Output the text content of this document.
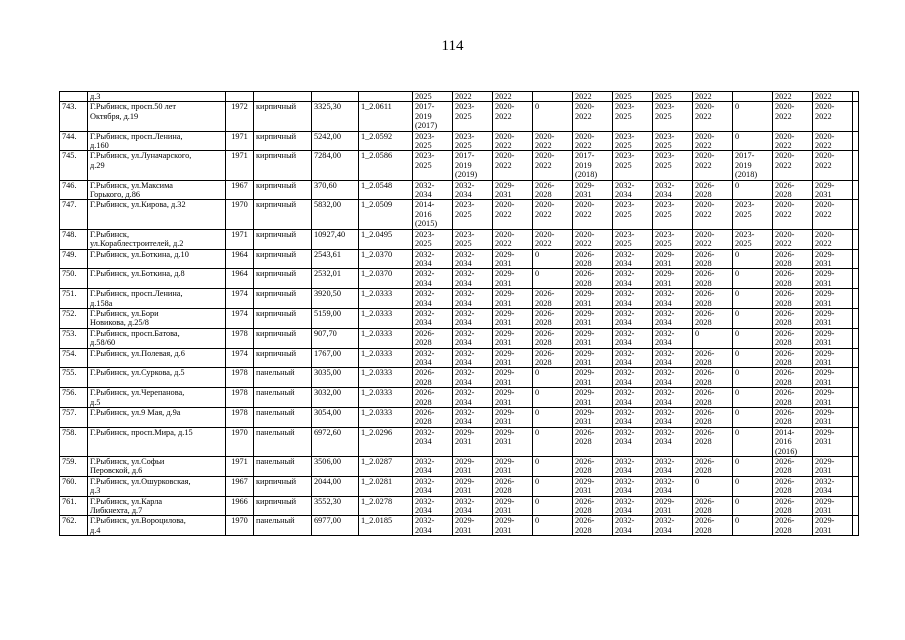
114
	д.3					2025	2022	2022		2022	2025	2025	2022		2022	2022	
743.	Г.Рыбинск, просп.50 лет
Октября, д.19	1972	кирпичный	3325,30	1_2.0611	2017-
2019
(2017)	2023-
2025	2020-
2022	0	2020-
2022	2023-
2025	2023-
2025	2020-
2022	0	2020-
2022	2020-
2022	
744.	Г.Рыбинск, просп.Ленина,
д.160	1971	кирпичный	5242,00	1_2.0592	2023-
2025	2023-
2025	2020-
2022	2020-
2022	2020-
2022	2023-
2025	2023-
2025	2020-
2022	0	2020-
2022	2020-
2022	
745.	Г.Рыбинск, ул.Луначарского,
д.29	1971	кирпичный	7284,00	1_2.0586	2023-
2025	2017-
2019
(2019)	2020-
2022	2020-
2022	2017-
2019
(2018)	2023-
2025	2023-
2025	2020-
2022	2017-
2019
(2018)	2020-
2022	2020-
2022	
746.	Г.Рыбинск, ул.Максима
Горького, д.86	1967	кирпичный	370,60	1_2.0548	2032-
2034	2032-
2034	2029-
2031	2026-
2028	2029-
2031	2032-
2034	2032-
2034	2026-
2028	0	2026-
2028	2029-
2031	
747.	Г.Рыбинск, ул.Кирова, д.32	1970	кирпичный	5832,00	1_2.0509	2014-
2016
(2015)	2023-
2025	2020-
2022	2020-
2022	2020-
2022	2023-
2025	2023-
2025	2020-
2022	2023-
2025	2020-
2022	2020-
2022	
748.	Г.Рыбинск,
ул.Кораблестроителей, д.2	1971	кирпичный	10927,40	1_2.0495	2023-
2025	2023-
2025	2020-
2022	2020-
2022	2020-
2022	2023-
2025	2023-
2025	2020-
2022	2023-
2025	2020-
2022	2020-
2022	
749.	Г.Рыбинск, ул.Боткина, д.10	1964	кирпичный	2543,61	1_2.0370	2032-
2034	2032-
2034	2029-
2031	0	2026-
2028	2032-
2034	2029-
2031	2026-
2028	0	2026-
2028	2029-
2031	
750.	Г.Рыбинск, ул.Боткина, д.8	1964	кирпичный	2532,01	1_2.0370	2032-
2034	2032-
2034	2029-
2031	0	2026-
2028	2032-
2034	2029-
2031	2026-
2028	0	2026-
2028	2029-
2031	
751.	Г.Рыбинск, просп.Ленина,
д.158а	1974	кирпичный	3920,50	1_2.0333	2032-
2034	2032-
2034	2029-
2031	2026-
2028	2029-
2031	2032-
2034	2032-
2034	2026-
2028	0	2026-
2028	2029-
2031	
752.	Г.Рыбинск, ул.Бори
Новикова, д.25/8	1974	кирпичный	5159,00	1_2.0333	2032-
2034	2032-
2034	2029-
2031	2026-
2028	2029-
2031	2032-
2034	2032-
2034	2026-
2028	0	2026-
2028	2029-
2031	
753.	Г.Рыбинск, просп.Батова,
д.58/60	1978	кирпичный	907,70	1_2.0333	2026-
2028	2032-
2034	2029-
2031	2026-
2028	2029-
2031	2032-
2034	2032-
2034	0	0	2026-
2028	2029-
2031	
754.	Г.Рыбинск, ул.Полевая, д.6	1974	кирпичный	1767,00	1_2.0333	2032-
2034	2032-
2034	2029-
2031	2026-
2028	2029-
2031	2032-
2034	2032-
2034	2026-
2028	0	2026-
2028	2029-
2031	
755.	Г.Рыбинск, ул.Суркова, д.5	1978	панельный	3035,00	1_2.0333	2026-
2028	2032-
2034	2029-
2031	0	2029-
2031	2032-
2034	2032-
2034	2026-
2028	0	2026-
2028	2029-
2031	
756.	Г.Рыбинск, ул.Черепанова,
д.5	1978	панельный	3032,00	1_2.0333	2026-
2028	2032-
2034	2029-
2031	0	2029-
2031	2032-
2034	2032-
2034	2026-
2028	0	2026-
2028	2029-
2031	
757.	Г.Рыбинск, ул.9 Мая, д.9а	1978	панельный	3054,00	1_2.0333	2026-
2028	2032-
2034	2029-
2031	0	2029-
2031	2032-
2034	2032-
2034	2026-
2028	0	2026-
2028	2029-
2031	
758.	Г.Рыбинск, просп.Мира, д.15	1970	панельный	6972,60	1_2.0296	2032-
2034	2029-
2031	2029-
2031	0	2026-
2028	2032-
2034	2032-
2034	2026-
2028	0	2014-
2016
(2016)	2029-
2031	
759.	Г.Рыбинск, ул.Софьи
Перовской, д.6	1971	панельный	3506,00	1_2.0287	2032-
2034	2029-
2031	2029-
2031	0	2026-
2028	2032-
2034	2032-
2034	2026-
2028	0	2026-
2028	2029-
2031	
760.	Г.Рыбинск, ул.Ошурковская,
д.3	1967	кирпичный	2044,00	1_2.0281	2032-
2034	2029-
2031	2026-
2028	0	2029-
2031	2032-
2034	2032-
2034	0	0	2026-
2028	2032-
2034	
761.	Г.Рыбинск, ул.Карла
Либкнехта, д.7	1966	кирпичный	3552,30	1_2.0278	2032-
2034	2032-
2034	2029-
2031	0	2026-
2028	2032-
2034	2029-
2031	2026-
2028	0	2026-
2028	2029-
2031	
762.	Г.Рыбинск, ул.Вороцилова,
д.4	1970	панельный	6977,00	1_2.0185	2032-
2034	2029-
2031	2029-
2031	0	2026-
2028	2032-
2034	2032-
2034	2026-
2028	0	2026-
2028	2029-
2031	
